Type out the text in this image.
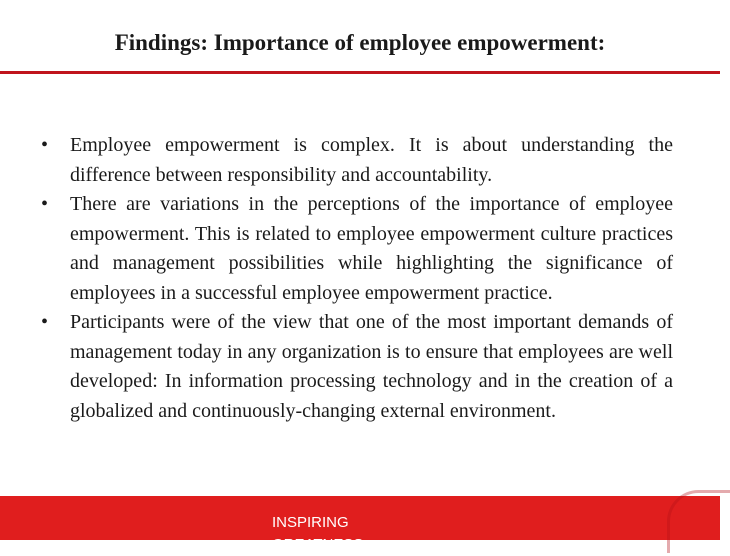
Findings: Importance of employee empowerment:
•	Employee empowerment is complex. It is about understanding the difference between responsibility and accountability.
•	There are variations in the perceptions of the importance of employee empowerment. This is related to employee empowerment culture practices and management possibilities while highlighting the significance of employees in a successful employee empowerment practice.
•	Participants were of the view that one of the most important demands of management today in any organization is to ensure that employees are well developed: In information processing technology and in the creation of a globalized and continuously-changing external environment.
INSPIRING GREATNESS
